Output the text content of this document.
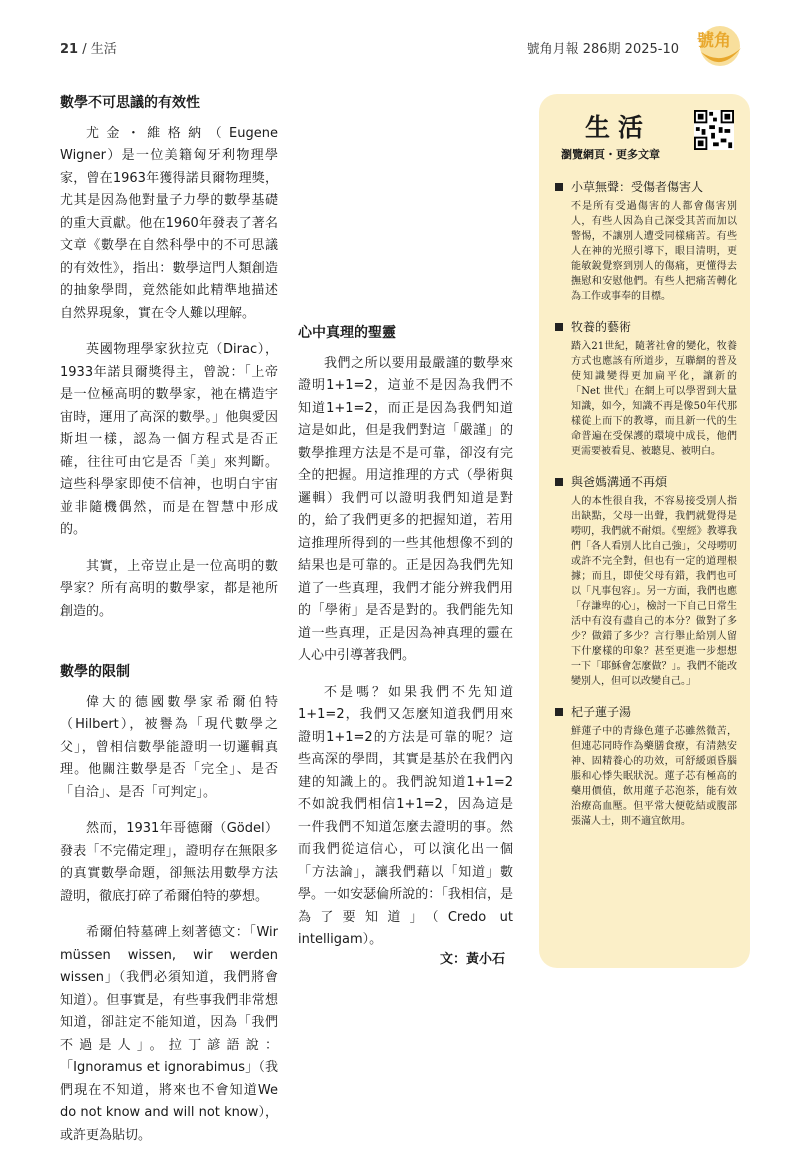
21 / 生活	號角月報 286期 2025-10 號角
數學不可思議的有效性

尤金・維格納（Eugene Wigner）是一位美籍匈牙利物理學家，曾在1963年獲得諾貝爾物理獎，尤其是因為他對量子力學的數學基礎的重大貢獻。他在1960年發表了著名文章《數學在自然科學中的不可思議的有效性》，指出：數學這門人類創造的抽象學問，竟然能如此精準地描述自然界現象，實在令人難以理解。

英國物理學家狄拉克（Dirac），1933年諾貝爾獎得主，曾說：「上帝是一位極高明的數學家，祂在構造宇宙時，運用了高深的數學。」他與愛因斯坦一樣，認為一個方程式是否正確，往往可由它是否「美」來判斷。這些科學家即使不信神，也明白宇宙並非隨機偶然，而是在智慧中形成的。

其實，上帝豈止是一位高明的數學家？所有高明的數學家，都是祂所創造的。

數學的限制

偉大的德國數學家希爾伯特（Hilbert），被譽為「現代數學之父」，曾相信數學能證明一切邏輯真理。他關注數學是否「完全」、是否「自洽」、是否「可判定」。

然而，1931年哥德爾（Gödel）發表「不完備定理」，證明存在無限多的真實數學命題，卻無法用數學方法證明，徹底打碎了希爾伯特的夢想。

希爾伯特墓碑上刻著德文：「Wir müssen wissen, wir werden wissen」（我們必須知道，我們將會知道）。但事實是，有些事我們非常想知道，卻註定不能知道，因為「我們不過是人」。拉丁諺語說：「Ignoramus et ignorabimus」（我們現在不知道，將來也不會知道We do not know and will not know），或許更為貼切。

心中真理的聖靈

我們之所以要用最嚴謹的數學來證明1+1=2，這並不是因為我們不知道1+1=2，而正是因為我們知道這是如此，但是我們對這「嚴謹」的數學推理方法是不是可靠，卻沒有完全的把握。用這推理的方式（學術與邏輯）我們可以證明我們知道是對的，給了我們更多的把握知道，若用這推理所得到的一些其他想像不到的結果也是可靠的。正是因為我們先知道了一些真理，我們才能分辨我們用的「學術」是否是對的。我們能先知道一些真理，正是因為神真理的靈在人心中引導著我們。

不是嗎？如果我們不先知道1+1=2，我們又怎麼知道我們用來證明1+1=2的方法是可靠的呢？這些高深的學問，其實是基於在我們內建的知識上的。我們說知道1+1=2不如說我們相信1+1=2，因為這是一件我們不知道怎麼去證明的事。然而我們從這信心，可以演化出一個「方法論」，讓我們藉以「知道」數學。一如安瑟倫所說的：「我相信，是為了要知道」（Credo ut intelligam）。

文：黃小石
生活
瀏覽網頁・更多文章
小草無聲：受傷者傷害人
不是所有受過傷害的人都會傷害別人，有些人因為自己深受其苦而加以警惕，不讓別人遭受同樣痛苦。有些人在神的光照引導下，眼目清明，更能敏銳覺察到別人的傷痛，更懂得去撫慰和安慰他們。有些人把痛苦轉化為工作或事奉的目標。
牧養的藝術
踏入21世紀，隨著社會的變化，牧養方式也應該有所道步，互聯網的普及使知識變得更加扁平化，讓新的「Net 世代」在網上可以學習到大量知識，如今，知識不再是像50年代那樣從上而下的教導，而且新一代的生命普遍在受保護的環境中成長，他們更需要被看見、被聽見、被明白。
與爸媽溝通不再煩
人的本性很自我，不容易接受別人指出缺點，父母一出聲，我們就覺得是嘮叨，我們就不耐煩。《聖經》教導我們「各人看別人比自己強」，父母嘮叨或許不完全對，但也有一定的道理根據；而且，即使父母有錯，我們也可以「凡事包容」。另一方面，我們也應「存謙卑的心」，檢討一下自己日常生活中有沒有盡自己的本分？做對了多少？做錯了多少？言行舉止給別人留下什麼樣的印象？甚至更進一步想想一下「耶穌會怎麼做？」。我們不能改變別人，但可以改變自己。」
杞子蓮子湯
鮮蓮子中的青綠色蓮子芯雖然微苦，但連芯同時作為藥膳食療，有清熱安神、固精養心的功效，可舒緩頭昏腦脹和心悸失眠狀況。蓮子芯有極高的藥用價值，飲用蓮子芯泡茶，能有效治療高血壓。但平常大便乾結或腹部張滿人士，則不適宜飲用。
